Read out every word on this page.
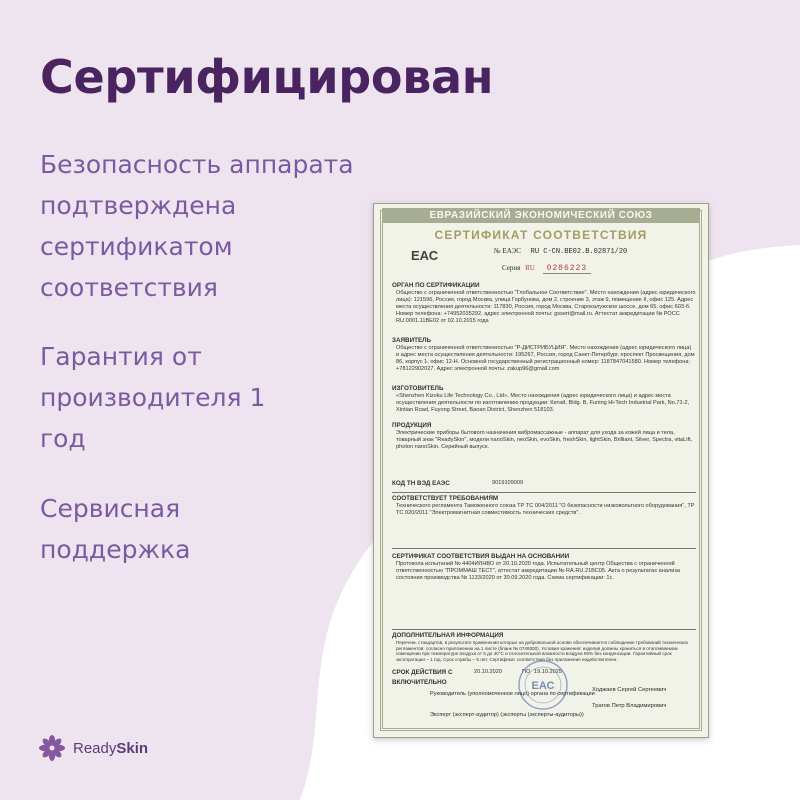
Сертифицирован

Безопасность аппарата подтверждена сертификатом соответствия

Гарантия от производителя 1 год

Сервисная поддержка

ReadySkin
ЕВРАЗИЙСКИЙ ЭКОНОМИЧЕСКИЙ СОЮЗ
СЕРТИФИКАТ СООТВЕТСТВИЯ
ЕАС	№ ЕАЭС RU C-CN.ВЕ02.В.02871/20
Серия RU 0286223
ОРГАН ПО СЕРТИФИКАЦИИ
Общество с ограниченной ответственностью "Глобальное Соответствие". Место нахождения (адрес юридического лица): 121596, Россия, город Москва, улица Горбунова, дом 2, строение 3, этаж 9, помещение II, офис 125. Адрес места осуществления деятельности: 117830, Россия, город Москва, Старокалужское шоссе, дом 65, офис 603-б. Номер телефона: +74952035292, адрес электронной почты: gssert@mail.ru. Аттестат аккредитации № РОСС RU.0001.11ВЕ02 от 02.10.2015 года
ЗАЯВИТЕЛЬ
Общество с ограниченной ответственностью "Р-ДИСТРИБУЦИЯ". Место нахождения (адрес юридического лица) и адрес места осуществления деятельности: 195267, Россия, город Санкт-Петербург, проспект Просвещения, дом 86, корпус 1, офис 12-Н. Основной государственный регистрационный номер: 1187847041580. Номер телефона: +78122902027. Адрес электронной почты: zakup96@gmail.com
ИЗГОТОВИТЕЛЬ
«Shenzhen Kizoku Life Technology Co., Ltd». Место нахождения (адрес юридического лица) и адрес места осуществления деятельности по изготовлению продукции: Китай, Bldg. B, Funing Hi-Tech Industrial Park, No.71-2, Xintian Road, Fuyong Street, Baoan District, Shenzhen 518103.
ПРОДУКЦИЯ
Электрические приборы бытового назначения вибромассажные - аппарат для ухода за кожей лица и тела, товарный знак "ReadySkin", модели nanoSkin, neoSkin, evoSkin, freshSkin, lightSkin, Brilliant, Silver, Spectra, vitaLift, photon nanoSkin. Серийный выпуск.
КОД ТН ВЭД ЕАЭС	9019109009
СООТВЕТСТВУЕТ ТРЕБОВАНИЯМ
Технического регламента Таможенного союза ТР ТС 004/2011 "О безопасности низковольтного оборудования", ТР ТС 020/2011 "Электромагнитная совместимость технических средств".
СЕРТИФИКАТ СООТВЕТСТВИЯ ВЫДАН НА ОСНОВАНИИ
Протокола испытаний № 4404ИЛНВО от 20.10.2020 года. Испытательный центр Общества с ограниченной ответственностью "ПРОММАШ ТЕСТ", аттестат аккредитации № RA.RU.21ВС05. Акта о результатах анализа состояния производства № 1133/2020 от 30.09.2020 года. Схема сертификации: 1с.
ДОПОЛНИТЕЛЬНАЯ ИНФОРМАЦИЯ
Перечень стандартов, в результате применения которых на добровольной основе обеспечивается соблюдение требований технических регламентов: согласно приложению на 1 листе (бланк № 0749300). Условия хранения: изделия должны храниться в отапливаемом помещении при температуре воздуха от 5 до 40°С и относительной влажности воздуха 65% без конденсации. Гарантийный срок эксплуатации – 1 год. Срок службы – 5 лет. Сертификат соответствия без приложения недействителен.
СРОК ДЕЙСТВИЯ С	20.10.2020	ПО 19.10.2025
ВКЛЮЧИТЕЛЬНО	ЕАС
Руководитель (уполномоченное лицо) органа по сертификации
Ходжаев Сергей Сергеевич
Эксперт (эксперт-аудитор) (эксперты (эксперты-аудиторы))
Трагов Петр Владимирович
